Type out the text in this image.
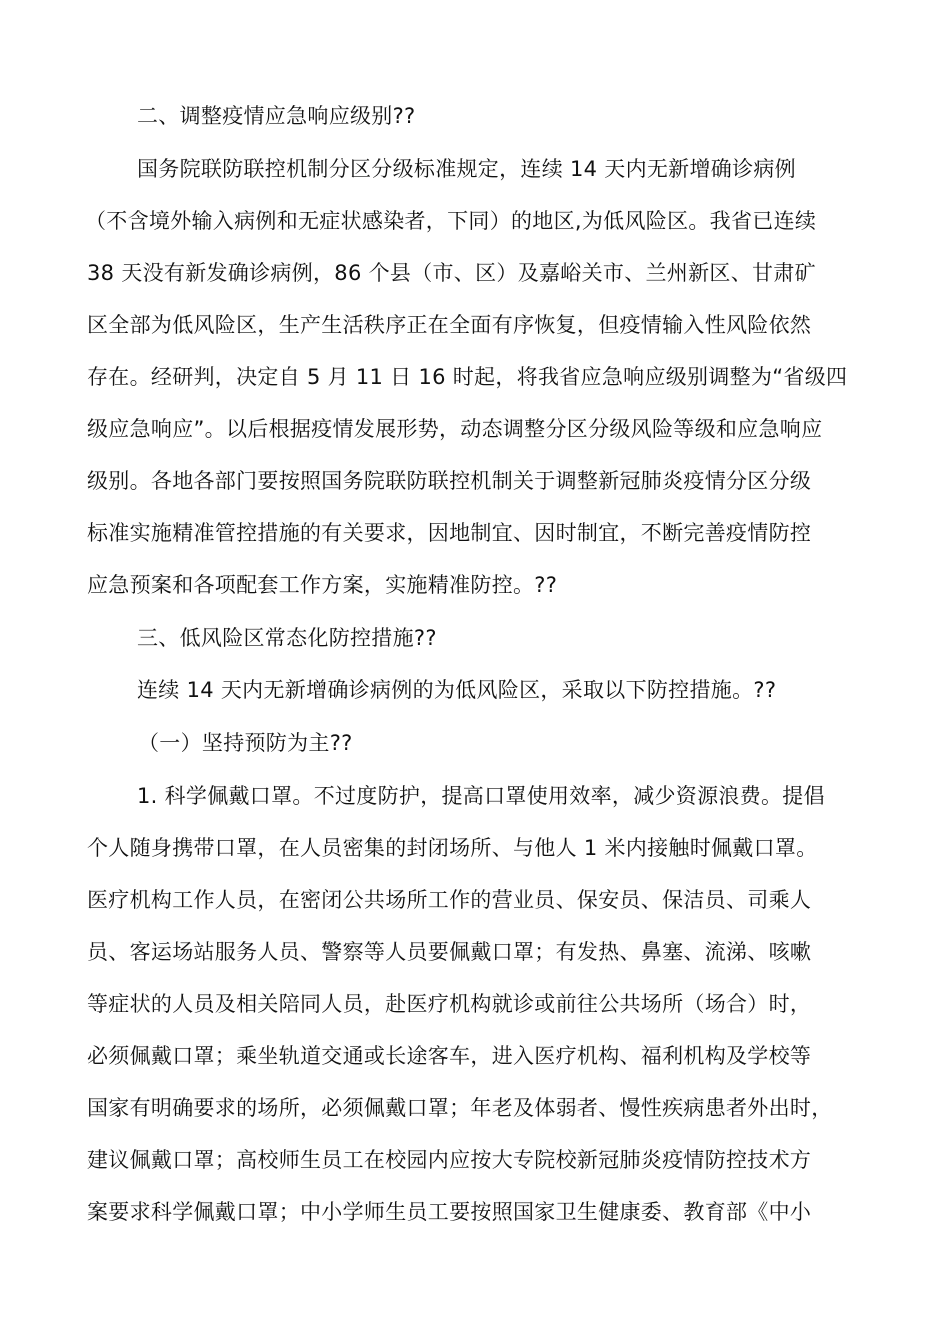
二、调整疫情应急响应级别??
国务院联防联控机制分区分级标准规定，连续 14 天内无新增确诊病例
（不含境外输入病例和无症状感染者，下同）的地区,为低风险区。我省已连续
38 天没有新发确诊病例，86 个县（市、区）及嘉峪关市、兰州新区、甘肃矿
区全部为低风险区，生产生活秩序正在全面有序恢复，但疫情输入性风险依然
存在。经研判，决定自 5 月 11 日 16 时起，将我省应急响应级别调整为“省级四
级应急响应”。以后根据疫情发展形势，动态调整分区分级风险等级和应急响应
级别。各地各部门要按照国务院联防联控机制关于调整新冠肺炎疫情分区分级
标准实施精准管控措施的有关要求，因地制宜、因时制宜，不断完善疫情防控
应急预案和各项配套工作方案，实施精准防控。??
三、低风险区常态化防控措施??
连续 14 天内无新增确诊病例的为低风险区，采取以下防控措施。??
（一）坚持预防为主??
1. 科学佩戴口罩。不过度防护，提高口罩使用效率，减少资源浪费。提倡
个人随身携带口罩，在人员密集的封闭场所、与他人 1 米内接触时佩戴口罩。
医疗机构工作人员，在密闭公共场所工作的营业员、保安员、保洁员、司乘人
员、客运场站服务人员、警察等人员要佩戴口罩；有发热、鼻塞、流涕、咳嗽
等症状的人员及相关陪同人员，赴医疗机构就诊或前往公共场所（场合）时，
必须佩戴口罩；乘坐轨道交通或长途客车，进入医疗机构、福利机构及学校等
国家有明确要求的场所，必须佩戴口罩；年老及体弱者、慢性疾病患者外出时，
建议佩戴口罩；高校师生员工在校园内应按大专院校新冠肺炎疫情防控技术方
案要求科学佩戴口罩；中小学师生员工要按照国家卫生健康委、教育部《中小
